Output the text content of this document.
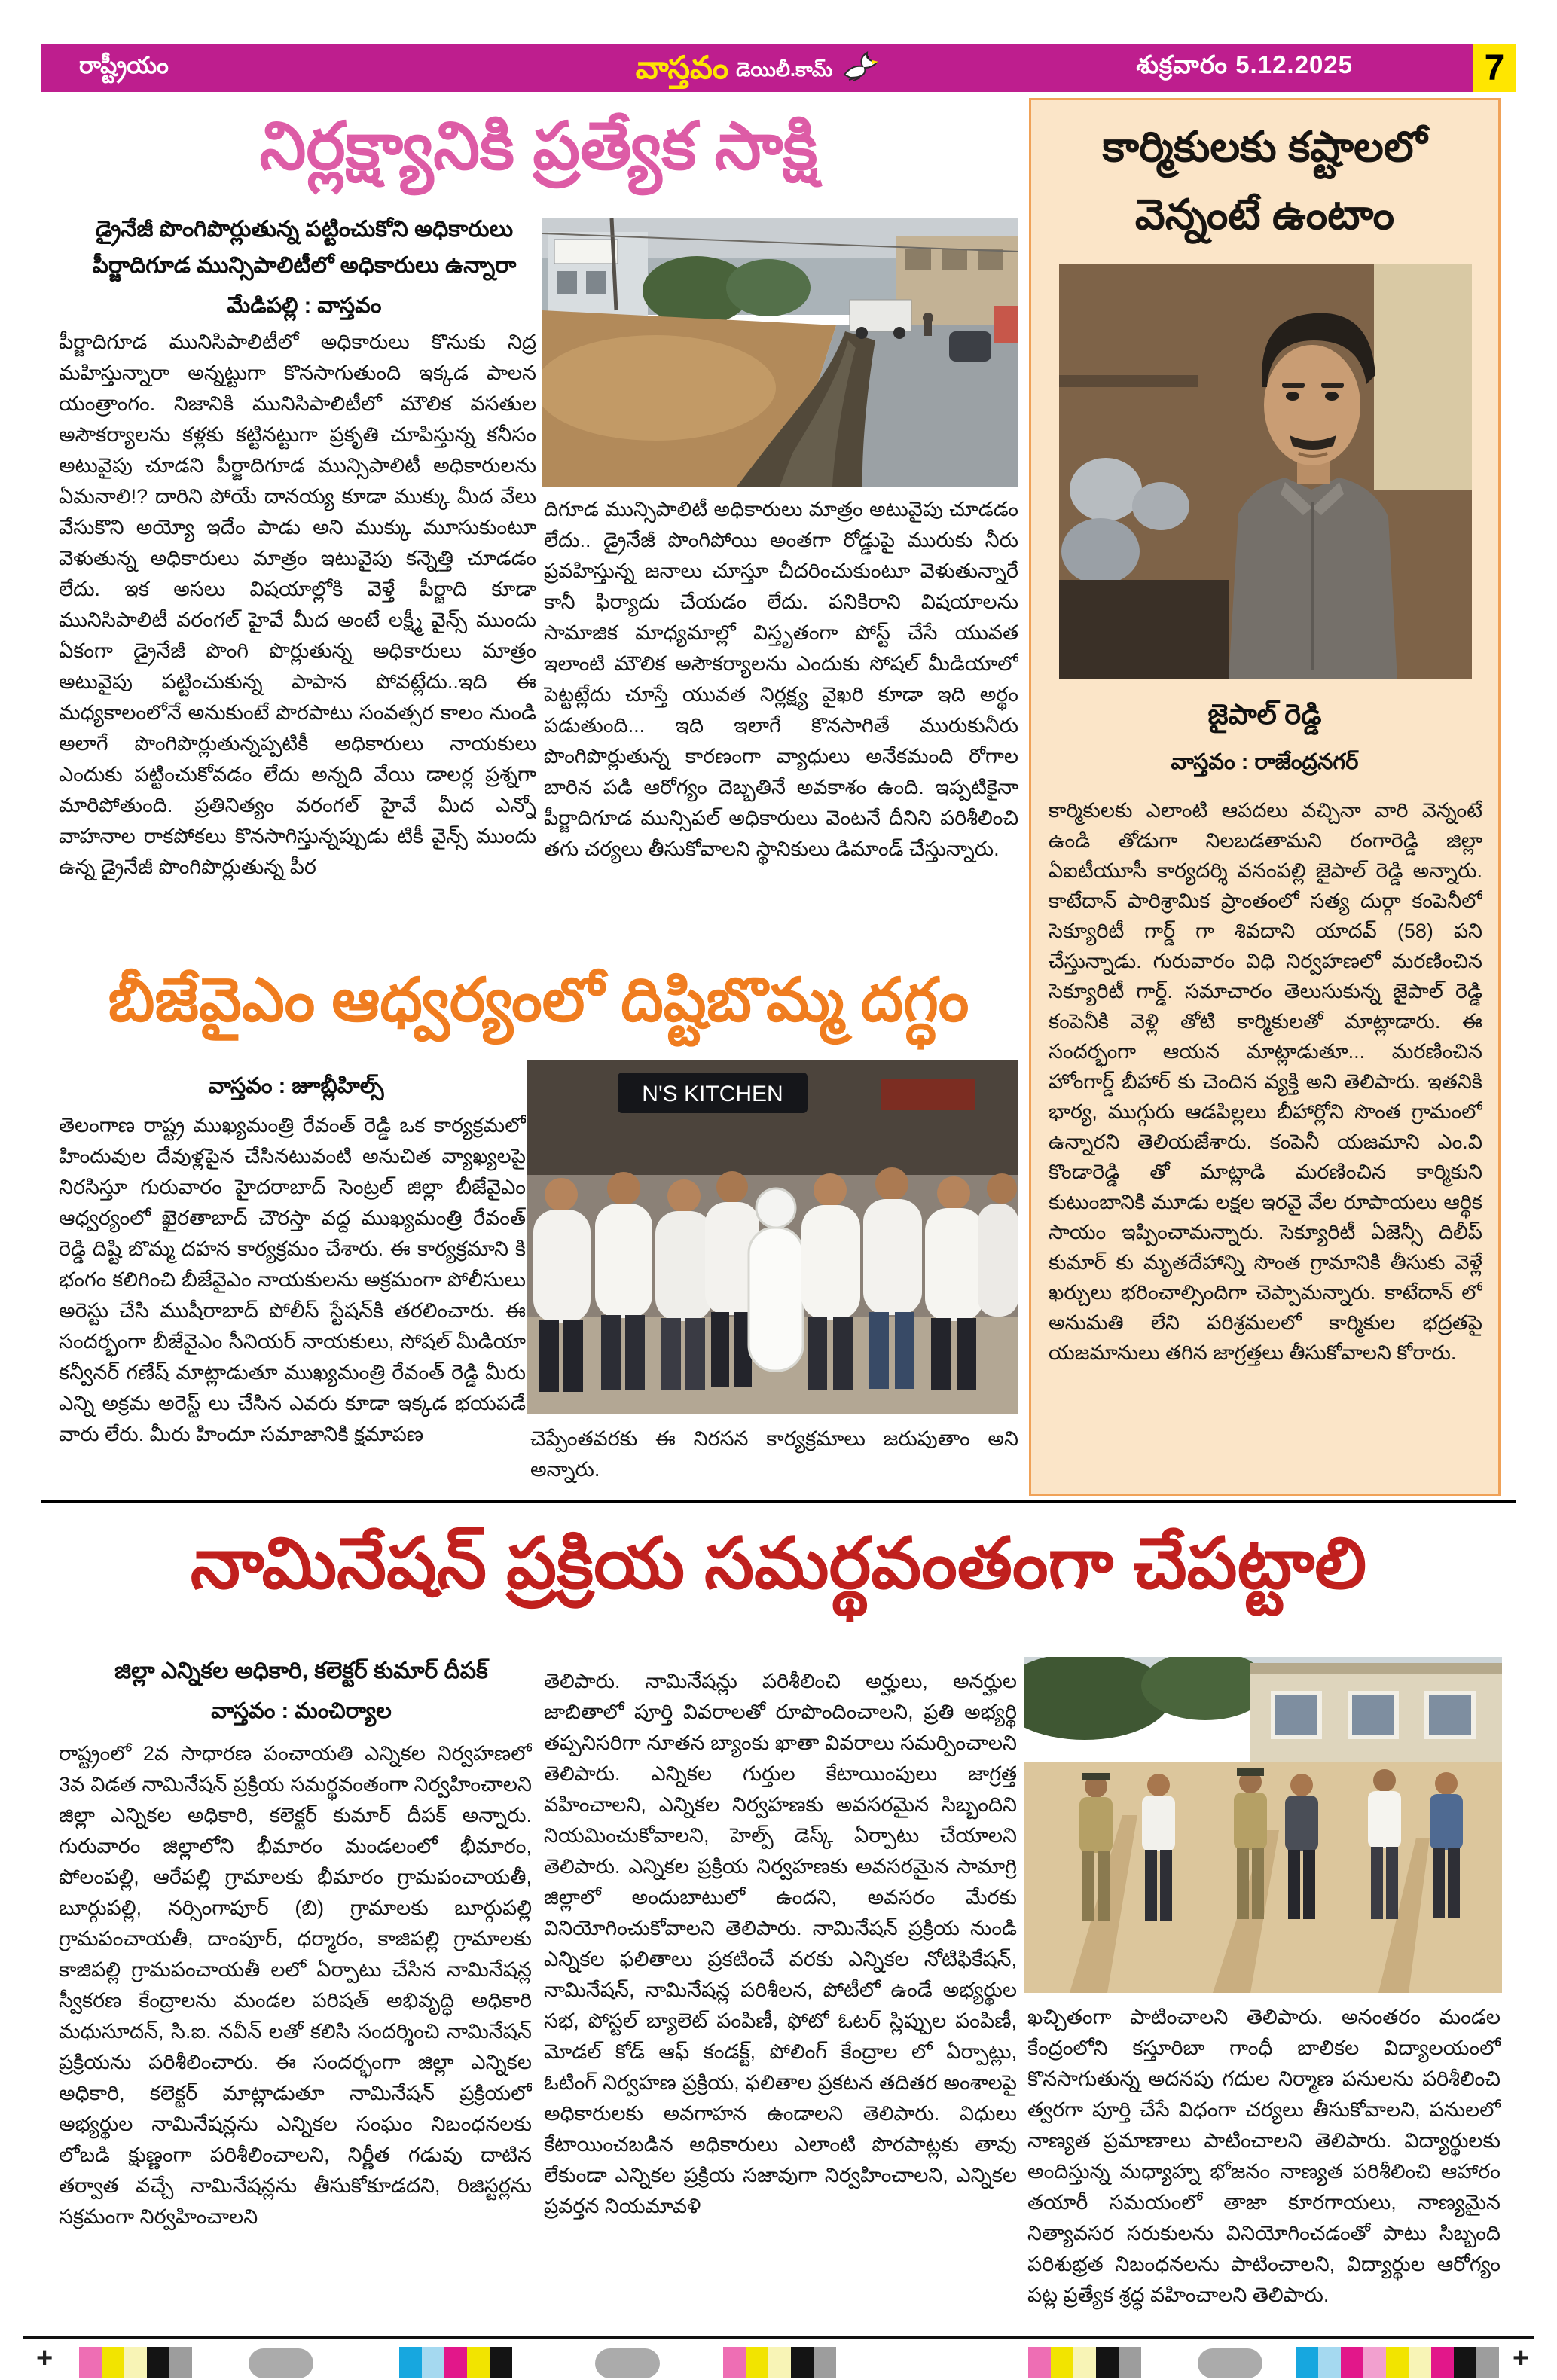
రాష్ట్రీయం	వాస్తవం డెయిలీ.కామ్	శుక్రవారం 5.12.2025	7
నిర్లక్ష్యానికి ప్రత్యేక సాక్షి
డ్రైనేజీ పొంగిపొర్లుతున్న పట్టించుకోని అధికారులు
పీర్జాదిగూడ మున్సిపాలిటీలో అధికారులు ఉన్నారా
మేడిపల్లి : వాస్తవం
పీర్జాదిగూడ మునిసిపాలిటీలో అధికారులు కొనుకు నిద్ర మహిస్తున్నారా అన్నట్టుగా కొనసాగుతుంది ఇక్కడ పాలన యంత్రాంగం. నిజానికి మునిసిపాలిటీలో మౌలిక వసతుల అసౌకర్యాలను కళ్లకు కట్టినట్టుగా ప్రకృతి చూపిస్తున్న కనీసం అటువైపు చూడని పీర్జాదిగూడ మున్సిపాలిటీ అధికారులను ఏమనాలి!? దారిని పోయే దానయ్య కూడా ముక్కు మీద వేలు వేసుకొని అయ్యో ఇదేం పాడు అని ముక్కు మూసుకుంటూ వెళుతున్న అధికారులు మాత్రం ఇటువైపు కన్నెత్తి చూడడం లేదు. ఇక అసలు విషయాల్లోకి వెళ్తే పీర్జాది కూడా మునిసిపాలిటీ వరంగల్ హైవే మీద అంటే లక్ష్మీ వైన్స్ ముందు ఏకంగా డ్రైనేజీ పొంగి పొర్లుతున్న అధికారులు మాత్రం అటువైపు పట్టించుకున్న పాపాన పోవట్లేదు..ఇది ఈ మధ్యకాలంలోనే అనుకుంటే పొరపాటు సంవత్సర కాలం నుండి అలాగే పొంగిపొర్లుతున్నప్పటికీ అధికారులు నాయకులు ఎందుకు పట్టించుకోవడం లేదు అన్నది వేయి డాలర్ల ప్రశ్నగా మారిపోతుంది. ప్రతినిత్యం వరంగల్ హైవే మీద ఎన్నో వాహనాల రాకపోకలు కొనసాగిస్తున్నప్పుడు టికీ వైన్స్ ముందు ఉన్న డ్రైనేజీ పొంగిపొర్లుతున్న పీర
దిగూడ మున్సిపాలిటీ అధికారులు మాత్రం అటువైపు చూడడం లేదు.. డ్రైనేజీ పొంగిపోయి అంతగా రోడ్డుపై మురుకు నీరు ప్రవహిస్తున్న జనాలు చూస్తూ చీదరించుకుంటూ వెళుతున్నారే కానీ ఫిర్యాదు చేయడం లేదు. పనికిరాని విషయాలను సామాజిక మాధ్యమాల్లో విస్తృతంగా పోస్ట్ చేసే యువత ఇలాంటి మౌలిక అసౌకర్యాలను ఎందుకు సోషల్ మీడియాలో పెట్టట్లేదు చూస్తే యువత నిర్లక్ష్య వైఖరి కూడా ఇది అర్థం పడుతుంది... ఇది ఇలాగే కొనసాగితే మురుకునీరు పొంగిపొర్లుతున్న కారణంగా వ్యాధులు అనేకమంది రోగాల బారిన పడి ఆరోగ్యం దెబ్బతినే అవకాశం ఉంది. ఇప్పటికైనా పీర్జాదిగూడ మున్సిపల్ అధికారులు వెంటనే దీనిని పరిశీలించి తగు చర్యలు తీసుకోవాలని స్థానికులు డిమాండ్ చేస్తున్నారు.
బీజేవైఎం ఆధ్వర్యంలో దిష్టిబొమ్మ దగ్ధం
వాస్తవం : జూబ్లీహిల్స్
తెలంగాణ రాష్ట్ర ముఖ్యమంత్రి రేవంత్ రెడ్డి ఒక కార్యక్రమలో హిందువుల దేవుళ్లపైన చేసినటువంటి అనుచిత వ్యాఖ్యలపై నిరసిస్తూ గురువారం హైదరాబాద్ సెంట్రల్ జిల్లా బీజేవైఎం ఆధ్వర్యంలో ఖైరతాబాద్ చౌరస్తా వద్ద ముఖ్యమంత్రి రేవంత్ రెడ్డి దిష్టి బొమ్మ దహన కార్యక్రమం చేశారు. ఈ కార్యక్రమాని కి భంగం కలిగించి బీజేవైఎం నాయకులను అక్రమంగా పోలీసులు అరెస్టు చేసి ముషీరాబాద్ పోలీస్ స్టేషన్‌కి తరలించారు. ఈ సందర్భంగా బీజేవైఎం సీనియర్ నాయకులు, సోషల్ మీడియా కన్వీనర్ గణేష్ మాట్లాడుతూ ముఖ్యమంత్రి రేవంత్ రెడ్డి మీరు ఎన్ని అక్రమ అరెస్ట్ లు చేసిన ఎవరు కూడా ఇక్కడ భయపడే వారు లేరు. మీరు హిందూ సమాజానికి క్షమాపణ
N'S KITCHEN
చెప్పేంతవరకు ఈ నిరసన కార్యక్రమాలు జరుపుతాం అని అన్నారు.
కార్మికులకు కష్టాలలో వెన్నంటే ఉంటాం
జైపాల్ రెడ్డి
వాస్తవం : రాజేంద్రనగర్
కార్మికులకు ఎలాంటి ఆపదలు వచ్చినా వారి వెన్నంటే ఉండి తోడుగా నిలబడతామని రంగారెడ్డి జిల్లా ఏఐటీయూసీ కార్యదర్శి వనంపల్లి జైపాల్ రెడ్డి అన్నారు. కాటేదాన్ పారిశ్రామిక ప్రాంతంలో సత్య దుర్గా కంపెనీలో సెక్యూరిటీ గార్డ్ గా శివదాని యాదవ్ (58) పని చేస్తున్నాడు. గురువారం విధి నిర్వహణలో మరణించిన సెక్యూరిటీ గార్డ్. సమాచారం తెలుసుకున్న జైపాల్ రెడ్డి కంపెనీకి వెళ్లి తోటి కార్మికులతో మాట్లాడారు. ఈ సందర్భంగా ఆయన మాట్లాడుతూ... మరణించిన హోంగార్డ్ బీహార్ కు చెందిన వ్యక్తి అని తెలిపారు. ఇతనికి భార్య, ముగ్గురు ఆడపిల్లలు బీహార్లోని సొంత గ్రామంలో ఉన్నారని తెలియజేశారు. కంపెనీ యజమాని ఎం.వి కొండారెడ్డి తో మాట్లాడి మరణించిన కార్మికుని కుటుంబానికి మూడు లక్షల ఇరవై వేల రూపాయలు ఆర్థిక సాయం ఇప్పించామన్నారు. సెక్యూరిటీ ఏజెన్సీ దిలీప్ కుమార్ కు మృతదేహాన్ని సొంత గ్రామానికి తీసుకు వెళ్లే ఖర్చులు భరించాల్సిందిగా చెప్పామన్నారు. కాటేదాన్ లో అనుమతి లేని పరిశ్రమలలో కార్మికుల భద్రతపై యజమానులు తగిన జాగ్రత్తలు తీసుకోవాలని కోరారు.
నామినేషన్ ప్రక్రియ సమర్థవంతంగా చేపట్టాలి
జిల్లా ఎన్నికల అధికారి, కలెక్టర్ కుమార్ దీపక్
వాస్తవం : మంచిర్యాల
రాష్ట్రంలో 2వ సాధారణ పంచాయతి ఎన్నికల నిర్వహణలో 3వ విడత నామినేషన్ ప్రక్రియ సమర్థవంతంగా నిర్వహించాలని జిల్లా ఎన్నికల అధికారి, కలెక్టర్ కుమార్ దీపక్ అన్నారు. గురువారం జిల్లాలోని భీమారం మండలంలో భీమారం, పోలంపల్లి, ఆరేపల్లి గ్రామాలకు భీమారం గ్రామపంచాయతీ, బూర్గుపల్లి, నర్సింగాపూర్ (బి) గ్రామాలకు బూర్గుపల్లి గ్రామపంచాయతీ, దాంపూర్, ధర్మారం, కాజిపల్లి గ్రామాలకు కాజిపల్లి గ్రామపంచాయతీ లలో ఏర్పాటు చేసిన నామినేషన్ల స్వీకరణ కేంద్రాలను మండల పరిషత్ అభివృద్ధి అధికారి మధుసూదన్, సి.ఐ. నవీన్ లతో కలిసి సందర్శించి నామినేషన్ ప్రక్రియను పరిశీలించారు. ఈ సందర్భంగా జిల్లా ఎన్నికల అధికారి, కలెక్టర్ మాట్లాడుతూ నామినేషన్ ప్రక్రియలో అభ్యర్థుల నామినేషన్లను ఎన్నికల సంఘం నిబంధనలకు లోబడి క్షుణ్ణంగా పరిశీలించాలని, నిర్ణీత గడువు దాటిన తర్వాత వచ్చే నామినేషన్లను తీసుకోకూడదని, రిజిస్టర్లను సక్రమంగా నిర్వహించాలని
తెలిపారు. నామినేషన్లు పరిశీలించి అర్హులు, అనర్హుల జాబితాలో పూర్తి వివరాలతో రూపొందించాలని, ప్రతి అభ్యర్థి తప్పనిసరిగా నూతన బ్యాంకు ఖాతా వివరాలు సమర్పించాలని తెలిపారు. ఎన్నికల గుర్తుల కేటాయింపులు జాగ్రత్త వహించాలని, ఎన్నికల నిర్వహణకు అవసరమైన సిబ్బందిని నియమించుకోవాలని, హెల్ప్ డెస్క్ ఏర్పాటు చేయాలని తెలిపారు. ఎన్నికల ప్రక్రియ నిర్వహణకు అవసరమైన సామాగ్రి జిల్లాలో అందుబాటులో ఉందని, అవసరం మేరకు వినియోగించుకోవాలని తెలిపారు. నామినేషన్ ప్రక్రియ నుండి ఎన్నికల ఫలితాలు ప్రకటించే వరకు ఎన్నికల నోటిఫికేషన్, నామినేషన్, నామినేషన్ల పరిశీలన, పోటీలో ఉండే అభ్యర్థుల సభ, పోస్టల్ బ్యాలెట్ పంపిణీ, ఫోటో ఓటర్ స్లిప్పుల పంపిణీ, మోడల్ కోడ్ ఆఫ్ కండక్ట్, పోలింగ్ కేంద్రాల లో ఏర్పాట్లు, ఓటింగ్ నిర్వహణ ప్రక్రియ, ఫలితాల ప్రకటన తదితర అంశాలపై అధికారులకు అవగాహన ఉండాలని తెలిపారు. విధులు కేటాయించబడిన అధికారులు ఎలాంటి పొరపాట్లకు తావు లేకుండా ఎన్నికల ప్రక్రియ సజావుగా నిర్వహించాలని, ఎన్నికల ప్రవర్తన నియమావళి
ఖచ్చితంగా పాటించాలని తెలిపారు. అనంతరం మండల కేంద్రంలోని కస్తూరిబా గాంధీ బాలికల విద్యాలయంలో కొనసాగుతున్న అదనపు గదుల నిర్మాణ పనులను పరిశీలించి త్వరగా పూర్తి చేసే విధంగా చర్యలు తీసుకోవాలని, పనులలో నాణ్యత ప్రమాణాలు పాటించాలని తెలిపారు. విద్యార్థులకు అందిస్తున్న మధ్యాహ్న భోజనం నాణ్యత పరిశీలించి ఆహారం తయారీ సమయంలో తాజా కూరగాయలు, నాణ్యమైన నిత్యావసర సరుకులను వినియోగించడంతో పాటు సిబ్బంది పరిశుభ్రత నిబంధనలను పాటించాలని, విద్యార్థుల ఆరోగ్యం పట్ల ప్రత్యేక శ్రద్ధ వహించాలని తెలిపారు.
+	+
